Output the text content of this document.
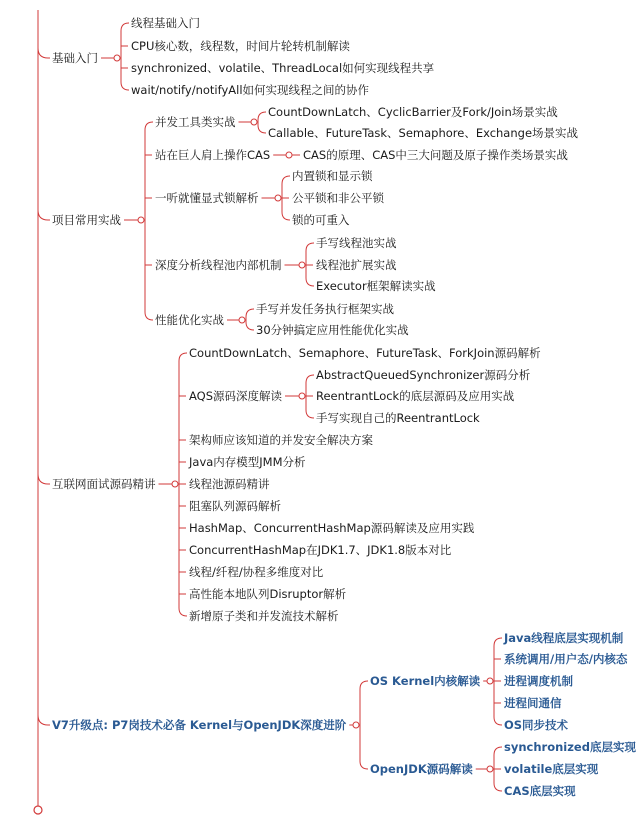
基础入门
线程基础入门
CPU核心数，线程数，时间片轮转机制解读
synchronized、volatile、ThreadLocal如何实现线程共享
wait/notify/notifyAll如何实现线程之间的协作
项目常用实战
并发工具类实战
CountDownLatch、CyclicBarrier及Fork/Join场景实战
Callable、FutureTask、Semaphore、Exchange场景实战
站在巨人肩上操作CAS	CAS的原理、CAS中三大问题及原子操作类场景实战
一听就懂显式锁解析
内置锁和显示锁
公平锁和非公平锁
锁的可重入
深度分析线程池内部机制
手写线程池实战
线程池扩展实战
Executor框架解读实战
性能优化实战
手写并发任务执行框架实战
30分钟搞定应用性能优化实战
互联网面试源码精讲
CountDownLatch、Semaphore、FutureTask、ForkJoin源码解析
AQS源码深度解读
AbstractQueuedSynchronizer源码分析
ReentrantLock的底层源码及应用实战
手写实现自己的ReentrantLock
架构师应该知道的并发安全解决方案
Java内存模型JMM分析
线程池源码精讲
阻塞队列源码解析
HashMap、ConcurrentHashMap源码解读及应用实践
ConcurrentHashMap在JDK1.7、JDK1.8版本对比
线程/纤程/协程多维度对比
高性能本地队列Disruptor解析
新增原子类和并发流技术解析
V7升级点: P7岗技术必备 Kernel与OpenJDK深度进阶
OS Kernel内核解读
Java线程底层实现机制
系统调用/用户态/内核态
进程调度机制
进程间通信
OS同步技术
OpenJDK源码解读
synchronized底层实现
volatile底层实现
CAS底层实现
